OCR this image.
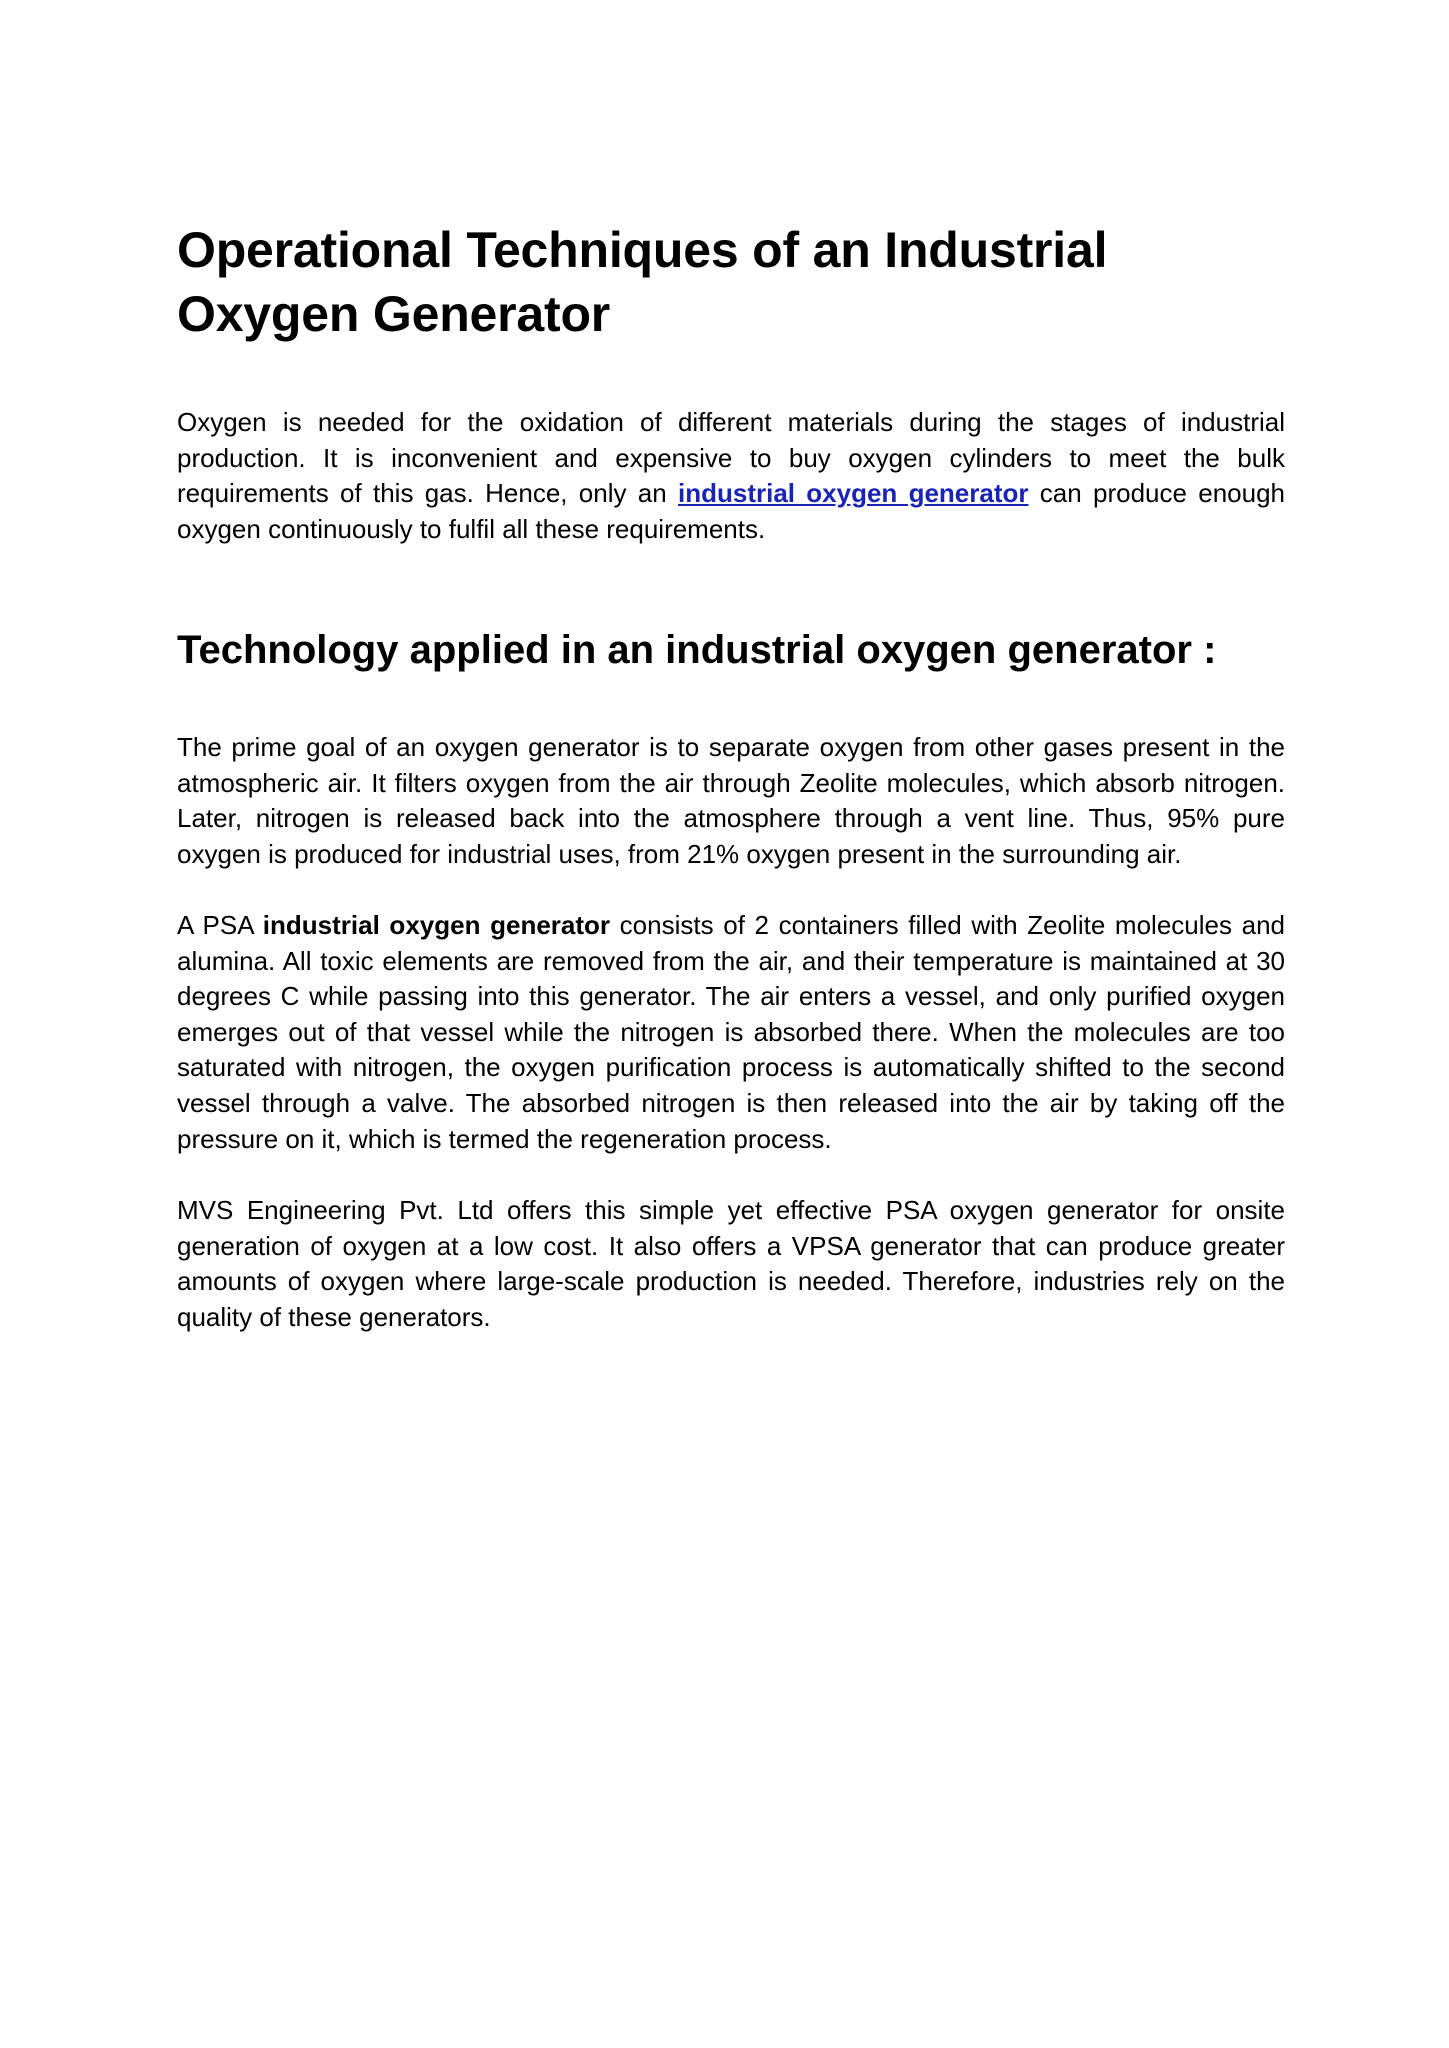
Operational Techniques of an Industrial Oxygen Generator

Oxygen is needed for the oxidation of different materials during the stages of industrial production. It is inconvenient and expensive to buy oxygen cylinders to meet the bulk requirements of this gas. Hence, only an industrial oxygen generator can produce enough oxygen continuously to fulfil all these requirements.

Technology applied in an industrial oxygen generator :

The prime goal of an oxygen generator is to separate oxygen from other gases present in the atmospheric air. It filters oxygen from the air through Zeolite molecules, which absorb nitrogen. Later, nitrogen is released back into the atmosphere through a vent line. Thus, 95% pure oxygen is produced for industrial uses, from 21% oxygen present in the surrounding air.

A PSA industrial oxygen generator consists of 2 containers filled with Zeolite molecules and alumina. All toxic elements are removed from the air, and their temperature is maintained at 30 degrees C while passing into this generator. The air enters a vessel, and only purified oxygen emerges out of that vessel while the nitrogen is absorbed there. When the molecules are too saturated with nitrogen, the oxygen purification process is automatically shifted to the second vessel through a valve. The absorbed nitrogen is then released into the air by taking off the pressure on it, which is termed the regeneration process.

MVS Engineering Pvt. Ltd offers this simple yet effective PSA oxygen generator for onsite generation of oxygen at a low cost. It also offers a VPSA generator that can produce greater amounts of oxygen where large-scale production is needed. Therefore, industries rely on the quality of these generators.
